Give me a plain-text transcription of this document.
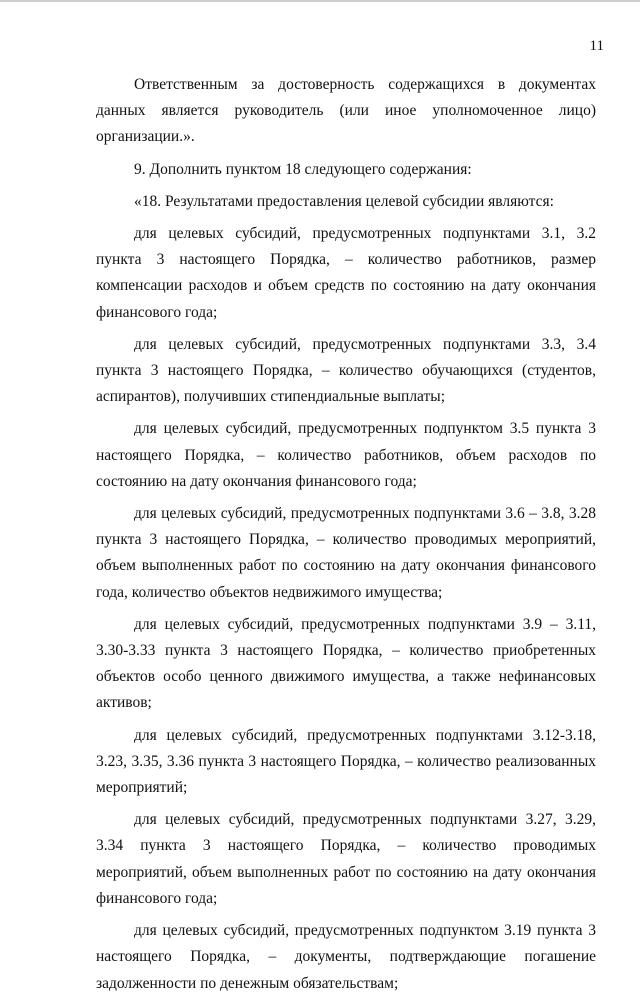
11

Ответственным за достоверность содержащихся в документах данных является руководитель (или иное уполномоченное лицо) организации.».

9. Дополнить пунктом 18 следующего содержания:

«18. Результатами предоставления целевой субсидии являются:

для целевых субсидий, предусмотренных подпунктами 3.1, 3.2 пункта 3 настоящего Порядка, – количество работников, размер компенсации расходов и объем средств по состоянию на дату окончания финансового года;

для целевых субсидий, предусмотренных подпунктами 3.3, 3.4 пункта 3 настоящего Порядка, – количество обучающихся (студентов, аспирантов), получивших стипендиальные выплаты;

для целевых субсидий, предусмотренных подпунктом 3.5 пункта 3 настоящего Порядка, – количество работников, объем расходов по состоянию на дату окончания финансового года;

для целевых субсидий, предусмотренных подпунктами 3.6 – 3.8, 3.28 пункта 3 настоящего Порядка, – количество проводимых мероприятий, объем выполненных работ по состоянию на дату окончания финансового года, количество объектов недвижимого имущества;

для целевых субсидий, предусмотренных подпунктами 3.9 – 3.11, 3.30-3.33 пункта 3 настоящего Порядка, – количество приобретенных объектов особо ценного движимого имущества, а также нефинансовых активов;

для целевых субсидий, предусмотренных подпунктами 3.12-3.18, 3.23, 3.35, 3.36 пункта 3 настоящего Порядка, – количество реализованных мероприятий;

для целевых субсидий, предусмотренных подпунктами 3.27, 3.29, 3.34 пункта 3 настоящего Порядка, – количество проводимых мероприятий, объем выполненных работ по состоянию на дату окончания финансового года;

для целевых субсидий, предусмотренных подпунктом 3.19 пункта 3 настоящего Порядка, – документы, подтверждающие погашение задолженности по денежным обязательствам;
